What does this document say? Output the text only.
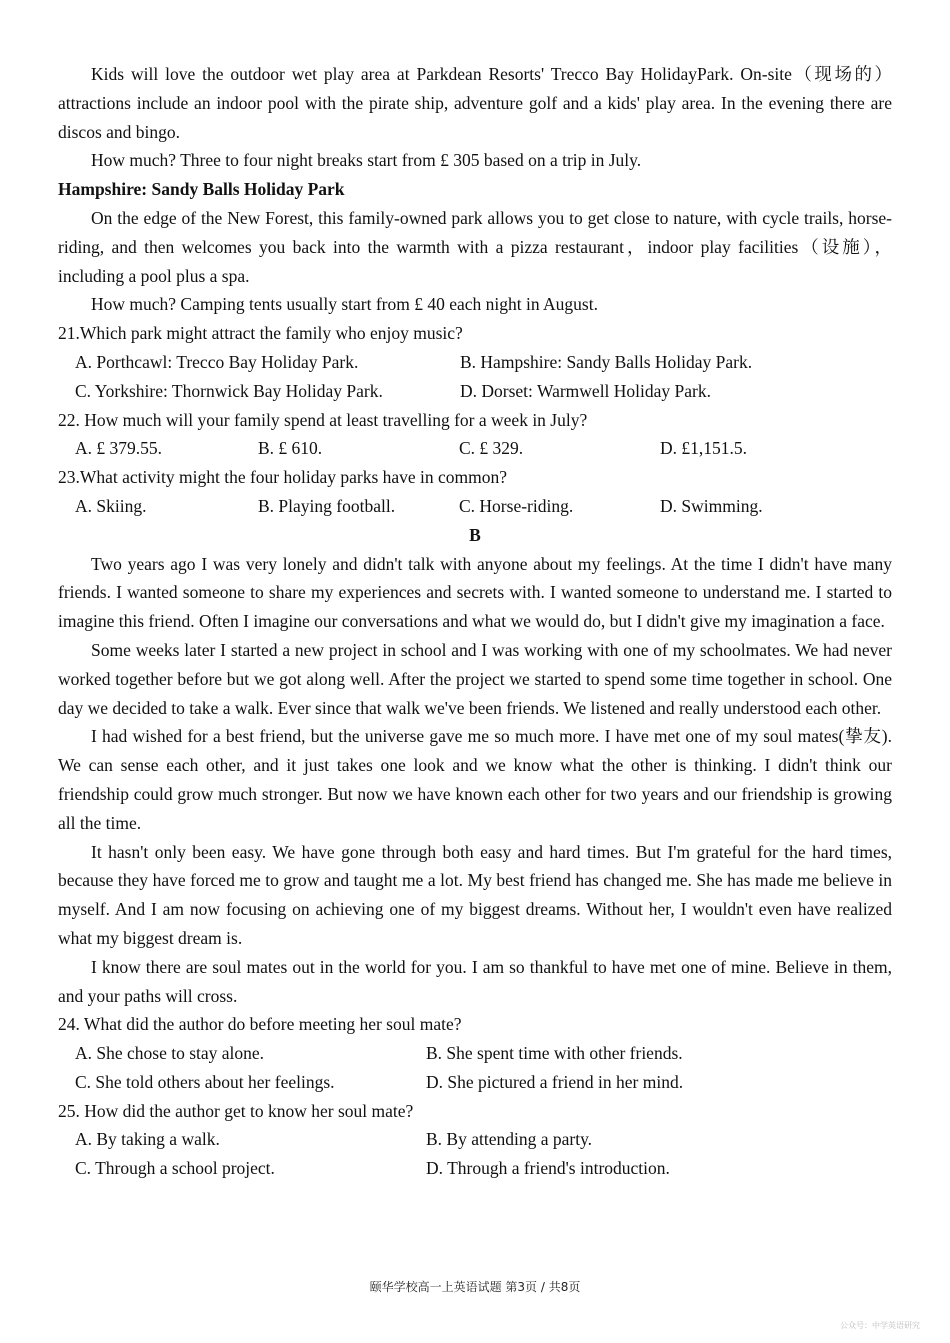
Kids will love the outdoor wet play area at Parkdean Resorts' Trecco Bay HolidayPark. On-site（现场的） attractions include an indoor pool with the pirate ship, adventure golf and a kids' play area. In the evening there are discos and bingo.

How much? Three to four night breaks start from £ 305 based on a trip in July.

Hampshire: Sandy Balls Holiday Park

On the edge of the New Forest, this family-owned park allows you to get close to nature, with cycle trails, horse-riding, and then welcomes you back into the warmth with a pizza restaurant，indoor play facilities（设施），including a pool plus a spa.

How much? Camping tents usually start from £ 40 each night in August.

21.Which park might attract the family who enjoy music?

A. Porthcawl: Trecco Bay Holiday Park.	B. Hampshire: Sandy Balls Holiday Park.
C. Yorkshire: Thornwick Bay Holiday Park.	D. Dorset: Warmwell Holiday Park.

22. How much will your family spend at least travelling for a week in July?

A. £ 379.55.	B. £ 610.	C. £ 329.	D. £1,151.5.

23.What activity might the four holiday parks have in common?

A. Skiing.	B. Playing football.	C. Horse-riding.	D. Swimming.

B

Two years ago I was very lonely and didn't talk with anyone about my feelings. At the time I didn't have many friends. I wanted someone to share my experiences and secrets with. I wanted someone to understand me. I started to imagine this friend. Often I imagine our conversations and what we would do, but I didn't give my imagination a face.

Some weeks later I started a new project in school and I was working with one of my schoolmates. We had never worked together before but we got along well. After the project we started to spend some time together in school. One day we decided to take a walk. Ever since that walk we've been friends. We listened and really understood each other.

I had wished for a best friend, but the universe gave me so much more. I have met one of my soul mates(挚友). We can sense each other, and it just takes one look and we know what the other is thinking. I didn't think our friendship could grow much stronger. But now we have known each other for two years and our friendship is growing all the time.

It hasn't only been easy. We have gone through both easy and hard times. But I'm grateful for the hard times, because they have forced me to grow and taught me a lot. My best friend has changed me. She has made me believe in myself. And I am now focusing on achieving one of my biggest dreams. Without her, I wouldn't even have realized what my biggest dream is.

I know there are soul mates out in the world for you. I am so thankful to have met one of mine. Believe in them, and your paths will cross.

24. What did the author do before meeting her soul mate?

A. She chose to stay alone.	B. She spent time with other friends.
C. She told others about her feelings.	D. She pictured a friend in her mind.

25. How did the author get to know her soul mate?

A. By taking a walk.	B. By attending a party.
C. Through a school project.	D. Through a friend's introduction.
颐华学校高一上英语试题 第3页 / 共8页
公众号：中学英语研究
